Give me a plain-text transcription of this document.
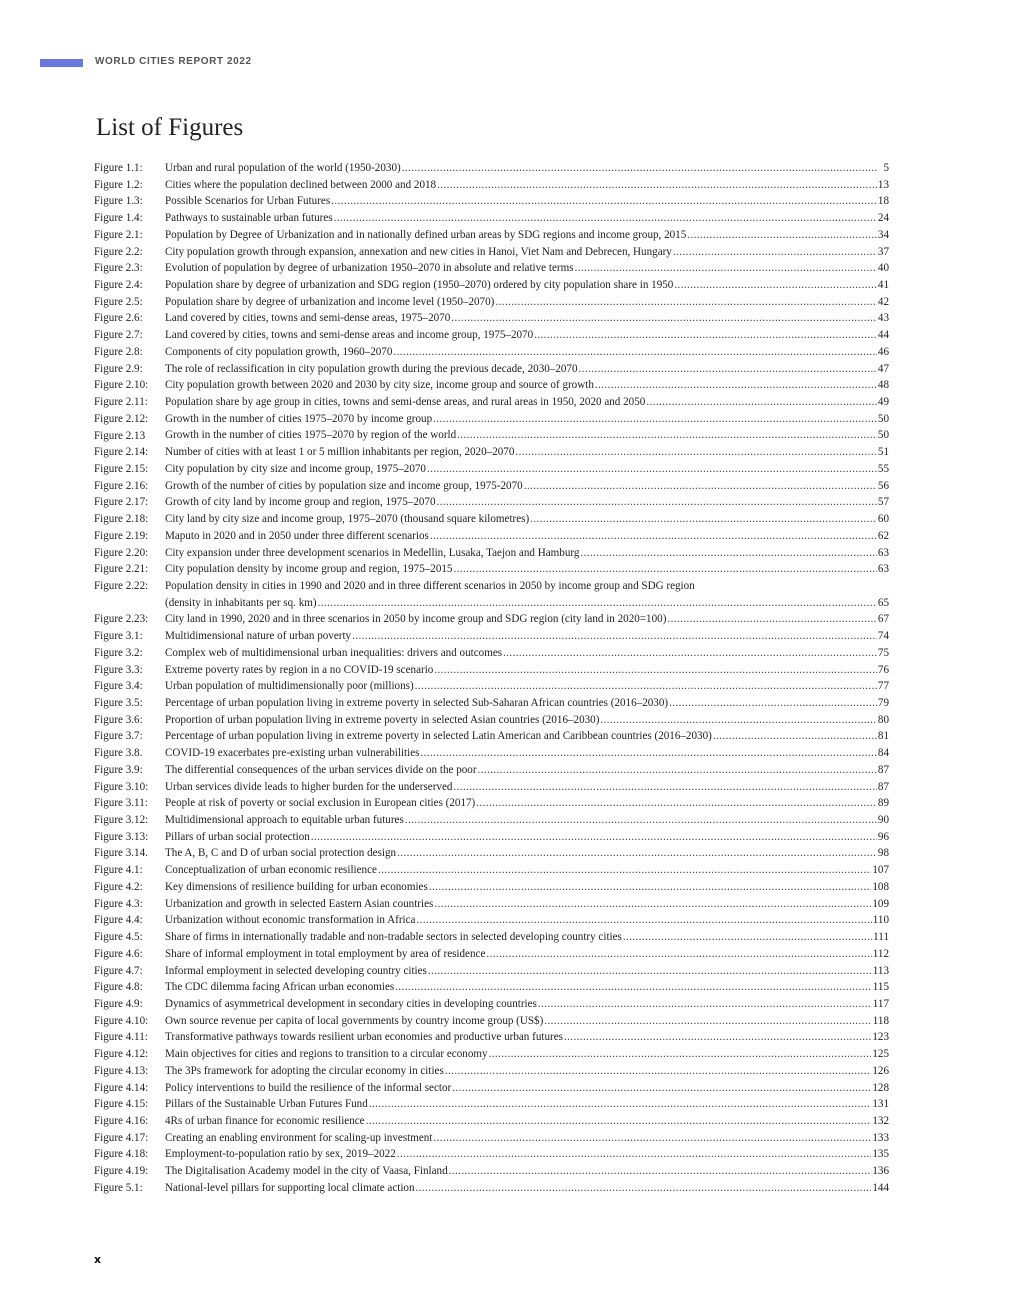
WORLD CITIES REPORT 2022
List of Figures
Figure 1.1:	Urban and rural population of the world (1950-2030) .....	5
Figure 1.2:	Cities where the population declined between 2000 and 2018 .....	13
Figure 1.3:	Possible Scenarios for Urban Futures .....	18
Figure 1.4:	Pathways to sustainable urban futures .....	24
Figure 2.1:	Population by Degree of Urbanization and in nationally defined urban areas by SDG regions and income group, 2015 .....	34
Figure 2.2:	City population growth through expansion, annexation and new cities in Hanoi, Viet Nam and Debrecen, Hungary .....	37
Figure 2.3:	Evolution of population by degree of urbanization 1950–2070 in absolute and relative terms .....	40
Figure 2.4:	Population share by degree of urbanization and SDG region (1950–2070) ordered by city population share in 1950 .....	41
Figure 2.5:	Population share by degree of urbanization and income level (1950–2070) .....	42
Figure 2.6:	Land covered by cities, towns and semi-dense areas, 1975–2070 .....	43
Figure 2.7:	Land covered by cities, towns and semi-dense areas and income group, 1975–2070 .....	44
Figure 2.8:	Components of city population growth, 1960–2070 .....	46
Figure 2.9:	The role of reclassification in city population growth during the previous decade, 2030–2070 .....	47
Figure 2.10:	City population growth between 2020 and 2030 by city size, income group and source of growth .....	48
Figure 2.11:	Population share by age group in cities, towns and semi-dense areas, and rural areas in 1950, 2020 and 2050 .....	49
Figure 2.12:	Growth in the number of cities 1975–2070 by income group .....	50
Figure 2.13	Growth in the number of cities 1975–2070 by region of the world .....	50
Figure 2.14:	Number of cities with at least 1 or 5 million inhabitants per region, 2020–2070 .....	51
Figure 2.15:	City population by city size and income group, 1975–2070 .....	55
Figure 2.16:	Growth of the number of cities by population size and income group, 1975-2070 .....	56
Figure 2.17:	Growth of city land by income group and region, 1975–2070 .....	57
Figure 2.18:	City land by city size and income group, 1975–2070 (thousand square kilometres) .....	60
Figure 2.19:	Maputo in 2020 and in 2050 under three different scenarios .....	62
Figure 2.20:	City expansion under three development scenarios in Medellin, Lusaka, Taejon and Hamburg .....	63
Figure 2.21:	City population density by income group and region, 1975–2015 .....	63
Figure 2.22:	Population density in cities in 1990 and 2020 and in three different scenarios in 2050 by income group and SDG region
(density in inhabitants per sq. km) .....	65
Figure 2.23:	City land in 1990, 2020 and in three scenarios in 2050 by income group and SDG region (city land in 2020=100) .....	67
Figure 3.1:	Multidimensional nature of urban poverty .....	74
Figure 3.2:	Complex web of multidimensional urban inequalities: drivers and outcomes .....	75
Figure 3.3:	Extreme poverty rates by region in a no COVID-19 scenario .....	76
Figure 3.4:	Urban population of multidimensionally poor (millions) .....	77
Figure 3.5:	Percentage of urban population living in extreme poverty in selected Sub-Saharan African countries (2016–2030) .....	79
Figure 3.6:	Proportion of urban population living in extreme poverty in selected Asian countries (2016–2030) .....	80
Figure 3.7:	Percentage of urban population living in extreme poverty in selected Latin American and Caribbean countries (2016–2030) .....	81
Figure 3.8.	COVID-19 exacerbates pre-existing urban vulnerabilities .....	84
Figure 3.9:	The differential consequences of the urban services divide on the poor .....	87
Figure 3.10:	Urban services divide leads to higher burden for the underserved .....	87
Figure 3.11:	People at risk of poverty or social exclusion in European cities (2017) .....	89
Figure 3.12:	Multidimensional approach to equitable urban futures .....	90
Figure 3.13:	Pillars of urban social protection .....	96
Figure 3.14.	The A, B, C and D of urban social protection design .....	98
Figure 4.1:	Conceptualization of urban economic resilience .....	107
Figure 4.2:	Key dimensions of resilience building for urban economies .....	108
Figure 4.3:	Urbanization and growth in selected Eastern Asian countries .....	109
Figure 4.4:	Urbanization without economic transformation in Africa .....	110
Figure 4.5:	Share of firms in internationally tradable and non-tradable sectors in selected developing country cities .....	111
Figure 4.6:	Share of informal employment in total employment by area of residence .....	112
Figure 4.7:	Informal employment in selected developing country cities .....	113
Figure 4.8:	The CDC dilemma facing African urban economies .....	115
Figure 4.9:	Dynamics of asymmetrical development in secondary cities in developing countries .....	117
Figure 4.10:	Own source revenue per capita of local governments by country income group (US$) .....	118
Figure 4.11:	Transformative pathways towards resilient urban economies and productive urban futures .....	123
Figure 4.12:	Main objectives for cities and regions to transition to a circular economy .....	125
Figure 4.13:	The 3Ps framework for adopting the circular economy in cities .....	126
Figure 4.14:	Policy interventions to build the resilience of the informal sector .....	128
Figure 4.15:	Pillars of the Sustainable Urban Futures Fund .....	131
Figure 4.16:	4Rs of urban finance for economic resilience .....	132
Figure 4.17:	Creating an enabling environment for scaling-up investment .....	133
Figure 4.18:	Employment-to-population ratio by sex, 2019–2022 .....	135
Figure 4.19:	The Digitalisation Academy model in the city of Vaasa, Finland .....	136
Figure 5.1:	National-level pillars for supporting local climate action .....	144
x
